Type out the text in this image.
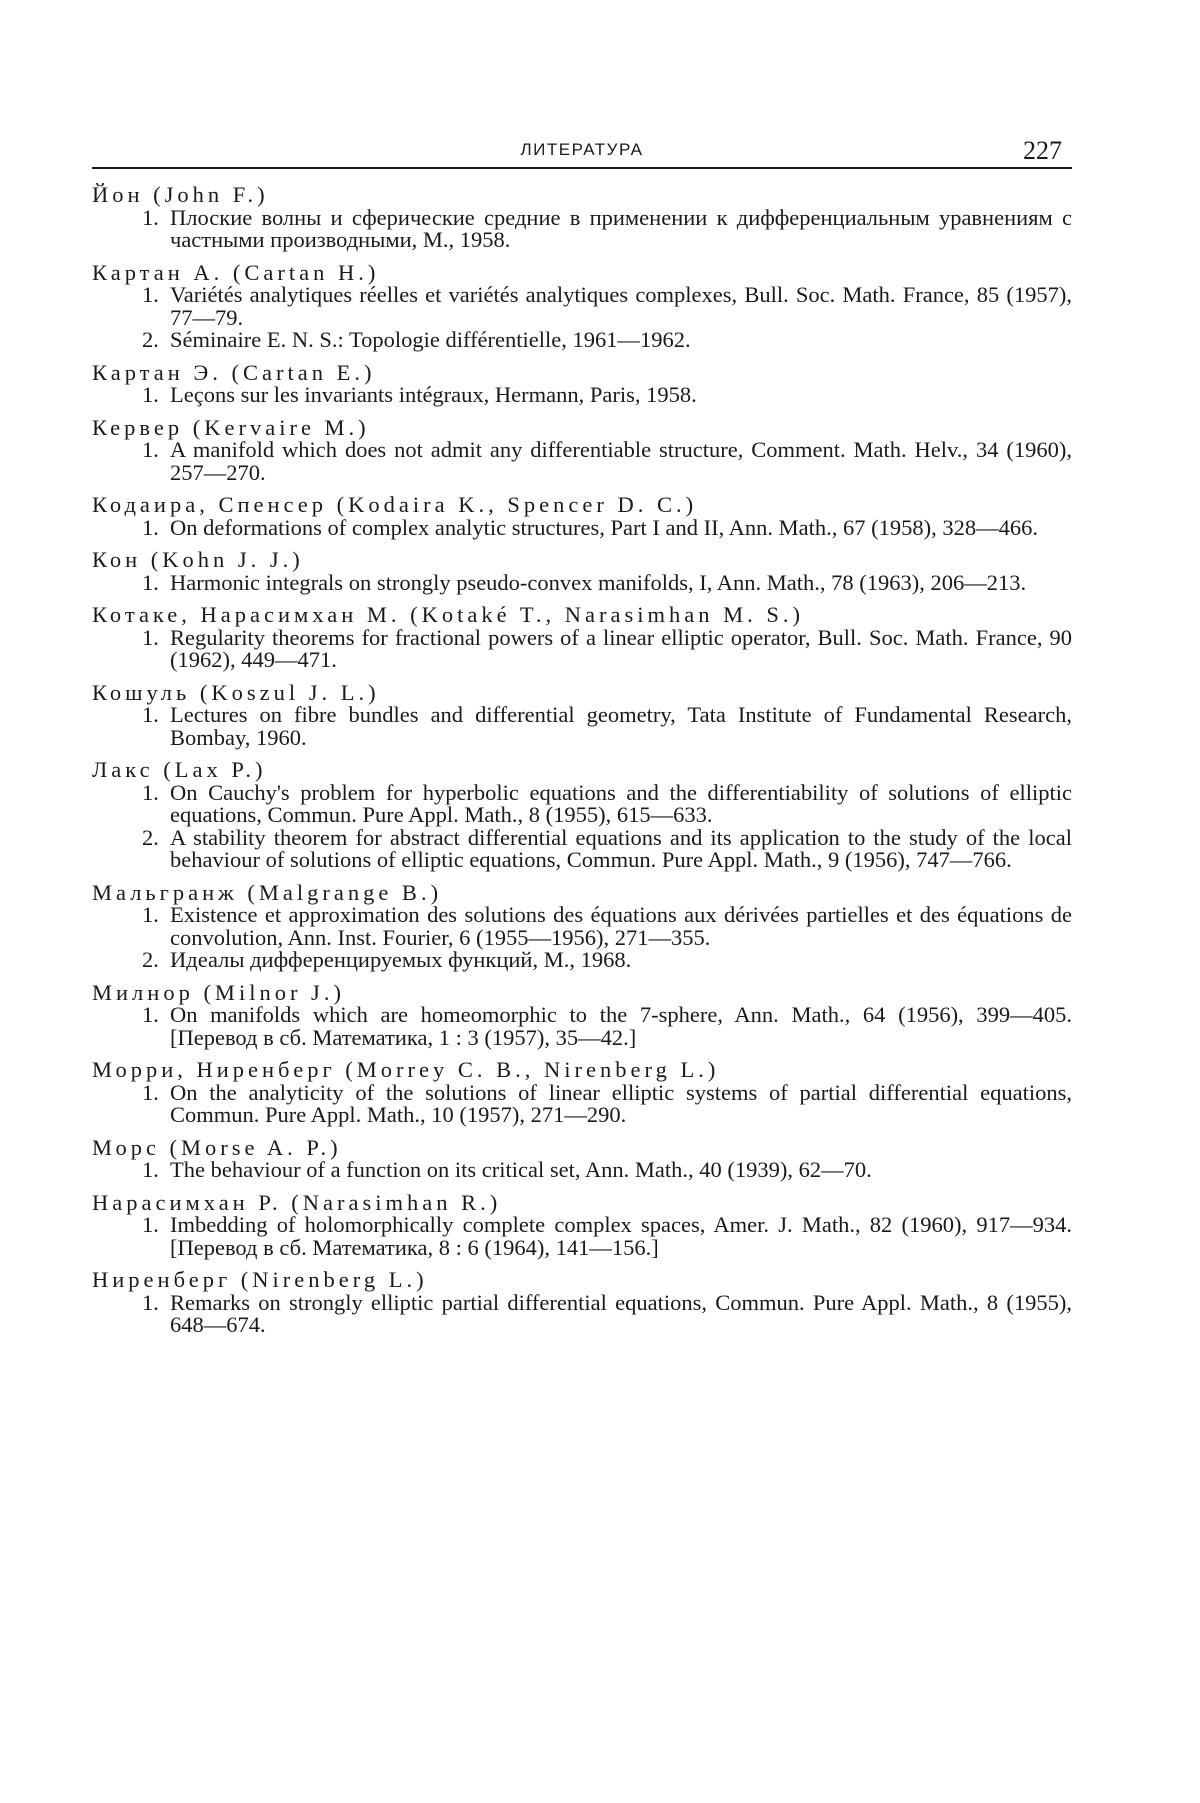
ЛИТЕРАТУРА	227
Йон (John F.)
1. Плоские волны и сферические средние в применении к дифференциальным уравнениям с частными производными, М., 1958.
Картан А. (Cartan H.)
1. Variétés analytiques réelles et variétés analytiques complexes, Bull. Soc. Math. France, 85 (1957), 77—79.
2. Séminaire E. N. S.: Topologie différentielle, 1961—1962.
Картан Э. (Cartan E.)
1. Leçons sur les invariants intégraux, Hermann, Paris, 1958.
Кервер (Kervaire M.)
1. A manifold which does not admit any differentiable structure, Comment. Math. Helv., 34 (1960), 257—270.
Кодаира, Спенсер (Kodaira K., Spencer D. C.)
1. On deformations of complex analytic structures, Part I and II, Ann. Math., 67 (1958), 328—466.
Кон (Kohn J. J.)
1. Harmonic integrals on strongly pseudo-convex manifolds, I, Ann. Math., 78 (1963), 206—213.
Котаке, Нарасимхан М. (Kotaké T., Narasimhan M. S.)
1. Regularity theorems for fractional powers of a linear elliptic operator, Bull. Soc. Math. France, 90 (1962), 449—471.
Кошуль (Koszul J. L.)
1. Lectures on fibre bundles and differential geometry, Tata Institute of Fundamental Research, Bombay, 1960.
Лакс (Lax P.)
1. On Cauchy's problem for hyperbolic equations and the differentiability of solutions of elliptic equations, Commun. Pure Appl. Math., 8 (1955), 615—633.
2. A stability theorem for abstract differential equations and its application to the study of the local behaviour of solutions of elliptic equations, Commun. Pure Appl. Math., 9 (1956), 747—766.
Мальгранж (Malgrange B.)
1. Existence et approximation des solutions des équations aux dérivées partielles et des équations de convolution, Ann. Inst. Fourier, 6 (1955—1956), 271—355.
2. Идеалы дифференцируемых функций, М., 1968.
Милнор (Milnor J.)
1. On manifolds which are homeomorphic to the 7-sphere, Ann. Math., 64 (1956), 399—405. [Перевод в сб. Математика, 1 : 3 (1957), 35—42.]
Морри, Ниренберг (Morrey C. B., Nirenberg L.)
1. On the analyticity of the solutions of linear elliptic systems of partial differential equations, Commun. Pure Appl. Math., 10 (1957), 271—290.
Морс (Morse A. P.)
1. The behaviour of a function on its critical set, Ann. Math., 40 (1939), 62—70.
Нарасимхан Р. (Narasimhan R.)
1. Imbedding of holomorphically complete complex spaces, Amer. J. Math., 82 (1960), 917—934. [Перевод в сб. Математика, 8 : 6 (1964), 141—156.]
Ниренберг (Nirenberg L.)
1. Remarks on strongly elliptic partial differential equations, Commun. Pure Appl. Math., 8 (1955), 648—674.
